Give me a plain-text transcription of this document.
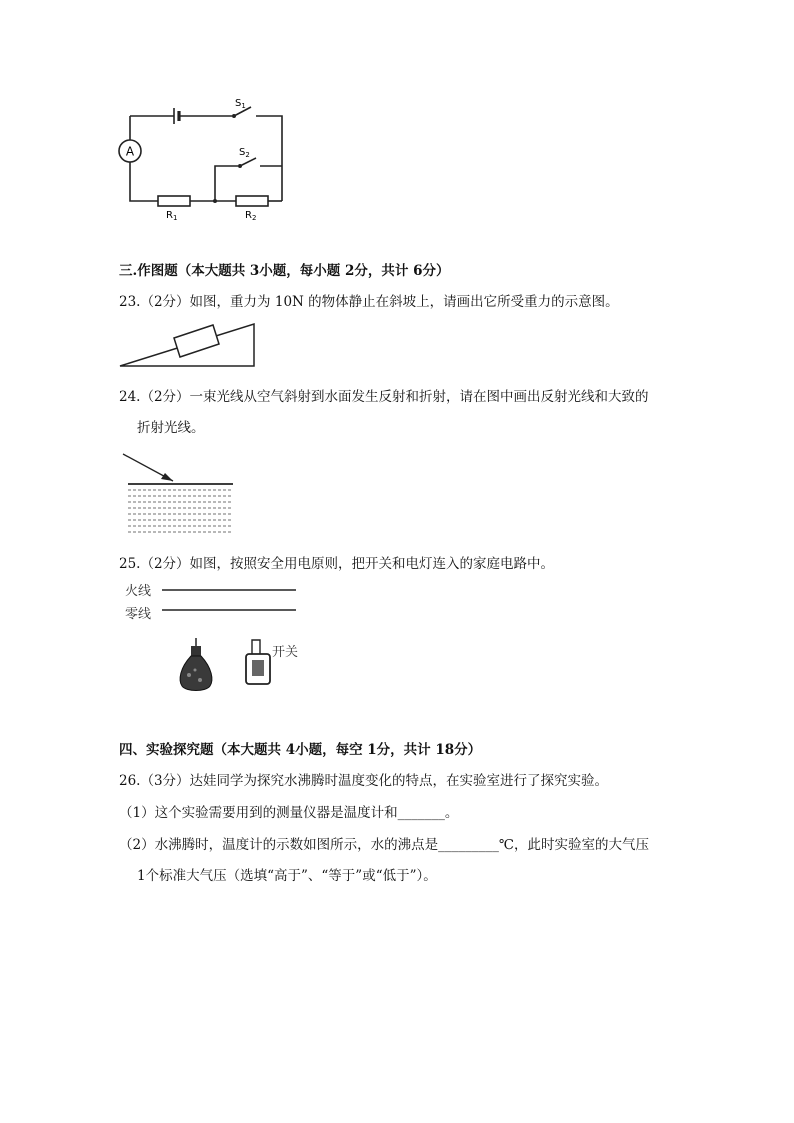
A
$S_1$
$S_2$
$R_1$	$R_2$
三.作图题（本大题共 3小题，每小题 2分，共计 6分）
23.（2分）如图，重力为 10N 的物体静止在斜坡上，请画出它所受重力的示意图。
24.（2分）一束光线从空气斜射到水面发生反射和折射，请在图中画出反射光线和大致的
折射光线。
25.（2分）如图，按照安全用电原则，把开关和电灯连入的家庭电路中。
火线
零线
开关
四、实验探究题（本大题共 4小题，每空 1分，共计 18分）
26.（3分）达娃同学为探究水沸腾时温度变化的特点，在实验室进行了探究实验。
（1）这个实验需要用到的测量仪器是温度计和_______。
（2）水沸腾时，温度计的示数如图所示，水的沸点是_________℃，此时实验室的大气压
1个标准大气压（选填“高于”、“等于”或“低于”）。
